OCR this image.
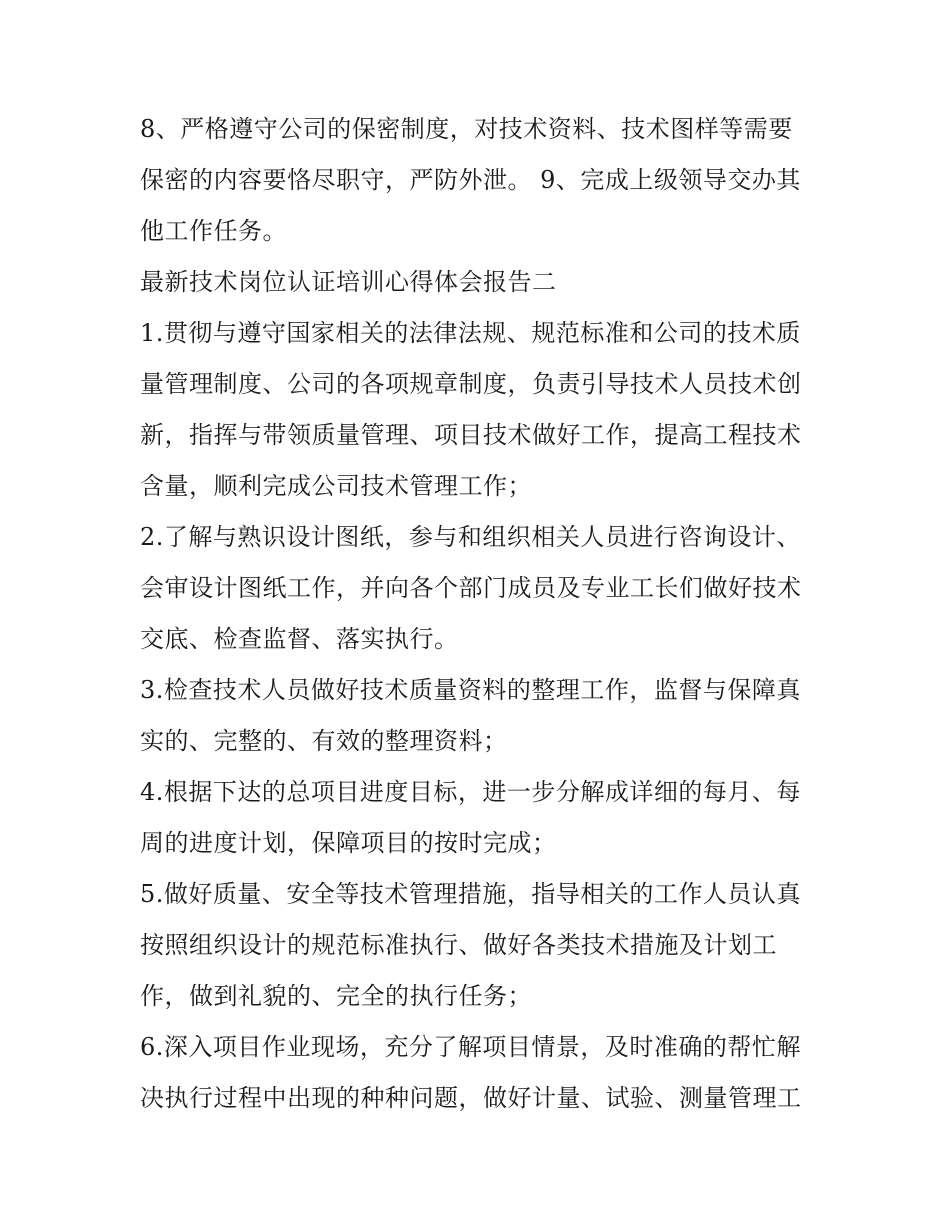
8、严格遵守公司的保密制度，对技术资料、技术图样等需要
保密的内容要恪尽职守，严防外泄。 9、完成上级领导交办其
他工作任务。
最新技术岗位认证培训心得体会报告二
1.贯彻与遵守国家相关的法律法规、规范标准和公司的技术质
量管理制度、公司的各项规章制度，负责引导技术人员技术创
新，指挥与带领质量管理、项目技术做好工作，提高工程技术
含量，顺利完成公司技术管理工作；
2.了解与熟识设计图纸，参与和组织相关人员进行咨询设计、
会审设计图纸工作，并向各个部门成员及专业工长们做好技术
交底、检查监督、落实执行。
3.检查技术人员做好技术质量资料的整理工作，监督与保障真
实的、完整的、有效的整理资料；
4.根据下达的总项目进度目标，进一步分解成详细的每月、每
周的进度计划，保障项目的按时完成；
5.做好质量、安全等技术管理措施，指导相关的工作人员认真
按照组织设计的规范标准执行、做好各类技术措施及计划工
作，做到礼貌的、完全的执行任务；
6.深入项目作业现场，充分了解项目情景，及时准确的帮忙解
决执行过程中出现的种种问题，做好计量、试验、测量管理工
